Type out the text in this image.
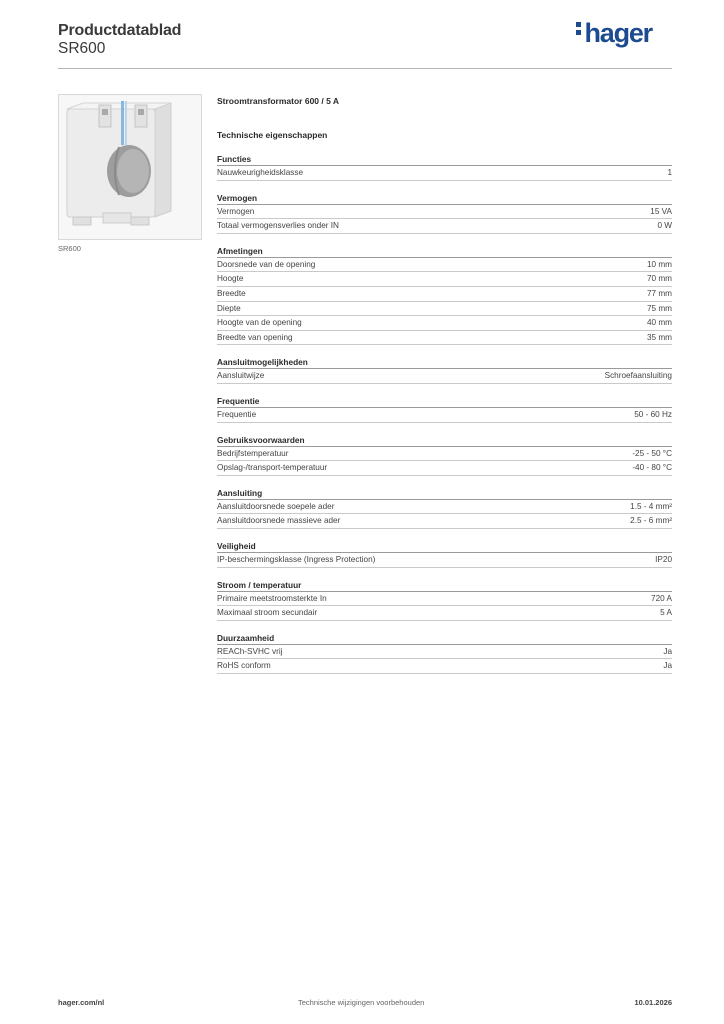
Productdatablad
SR600
hager
SR600
Stroomtransformator 600 / 5 A
Technische eigenschappen
Functies
Nauwkeurigheidsklasse	1
Vermogen
Vermogen	15 VA
Totaal vermogensverlies onder IN	0 W
Afmetingen
Doorsnede van de opening	10 mm
Hoogte	70 mm
Breedte	77 mm
Diepte	75 mm
Hoogte van de opening	40 mm
Breedte van opening	35 mm
Aansluitmogelijkheden
Aansluitwijze	Schroefaansluiting
Frequentie
Frequentie	50 - 60 Hz
Gebruiksvoorwaarden
Bedrijfstemperatuur	-25 - 50 °C
Opslag-/transport-temperatuur	-40 - 80 °C
Aansluiting
Aansluitdoorsnede soepele ader	1.5 - 4 mm²
Aansluitdoorsnede massieve ader	2.5 - 6 mm²
Veiligheid
IP-beschermingsklasse (Ingress Protection)	IP20
Stroom / temperatuur
Primaire meetstroomsterkte In	720 A
Maximaal stroom secundair	5 A
Duurzaamheid
REACh-SVHC vrij	Ja
RoHS conform	Ja
hager.com/nl	Technische wijzigingen voorbehouden	10.01.2026
